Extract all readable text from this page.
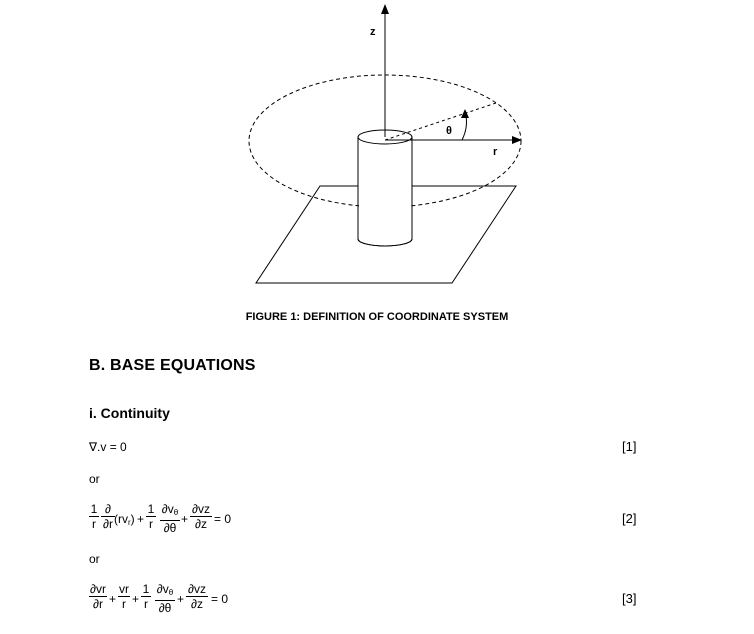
z
r
θ
FIGURE 1: DEFINITION OF COORDINATE SYSTEM
B. BASE EQUATIONS
i. Continuity
∇.v = 0	[1]
or
$\frac{1}{r}$ ∂
∂r $(rv_r) + \frac{1}{r} \frac{\partial v_\theta}{\partial\theta} + \frac{\partial vz}{\partial z} = 0$	[2]
or
$\frac{\partial vr}{\partial r} + \frac{vr}{r} + \frac{1}{r} \frac{\partial v_\theta}{\partial\theta} + \frac{\partial vz}{\partial z} = 0$	[3]
